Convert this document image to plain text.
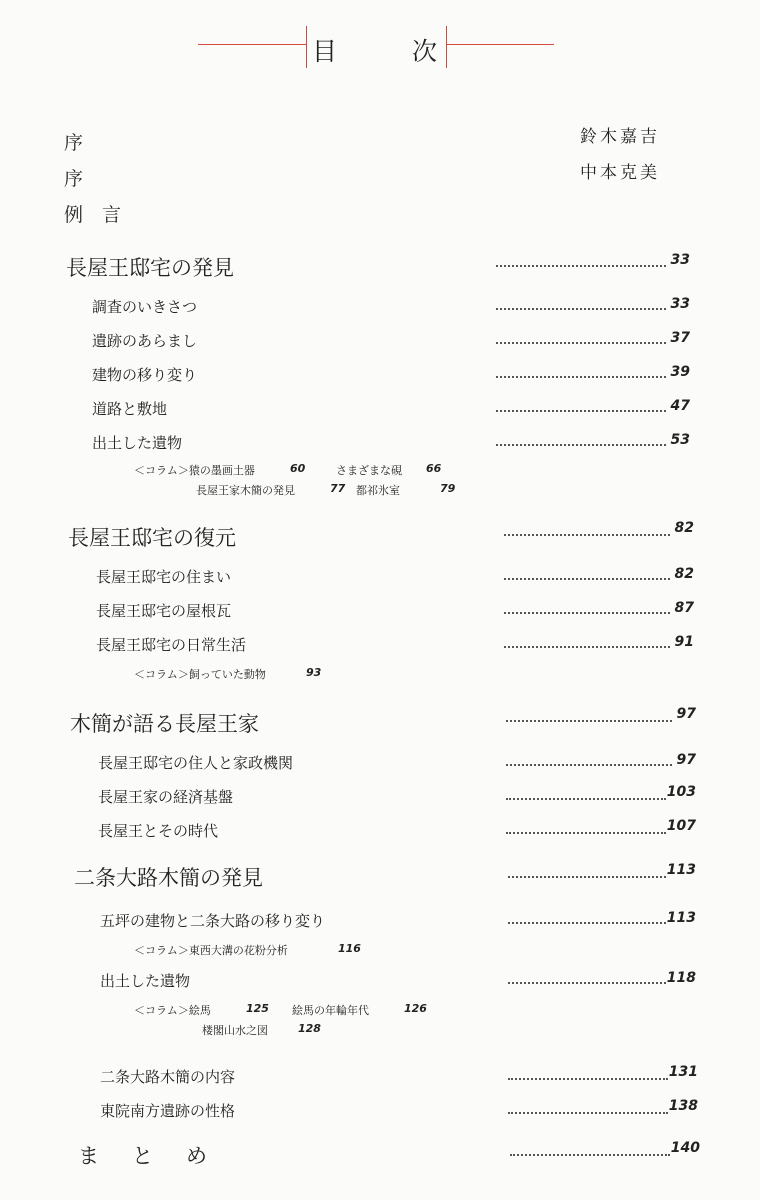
目	次
序	鈴木嘉吉
序	中本克美
例　言
長屋王邸宅の発見	33
調査のいきさつ	33
遺跡のあらまし	37
建物の移り変り	39
道路と敷地	47
出土した遺物	53
＜コラム＞猿の墨画土器	60	さまざまな硯 66
長屋王家木簡の発見	77 都祁氷室	79
長屋王邸宅の復元	82
長屋王邸宅の住まい	82
長屋王邸宅の屋根瓦	87
長屋王邸宅の日常生活	91
＜コラム＞飼っていた動物	93
木簡が語る長屋王家	97
長屋王邸宅の住人と家政機関	97
長屋王家の経済基盤	103
長屋王とその時代	107
二条大路木簡の発見	113
五坪の建物と二条大路の移り変り	113
＜コラム＞東西大溝の花粉分析	116
出土した遺物	118
＜コラム＞絵馬	125 絵馬の年輪年代	126
楼閣山水之図	128
二条大路木簡の内容	131
東院南方遺跡の性格	138
ま　と　め	140
